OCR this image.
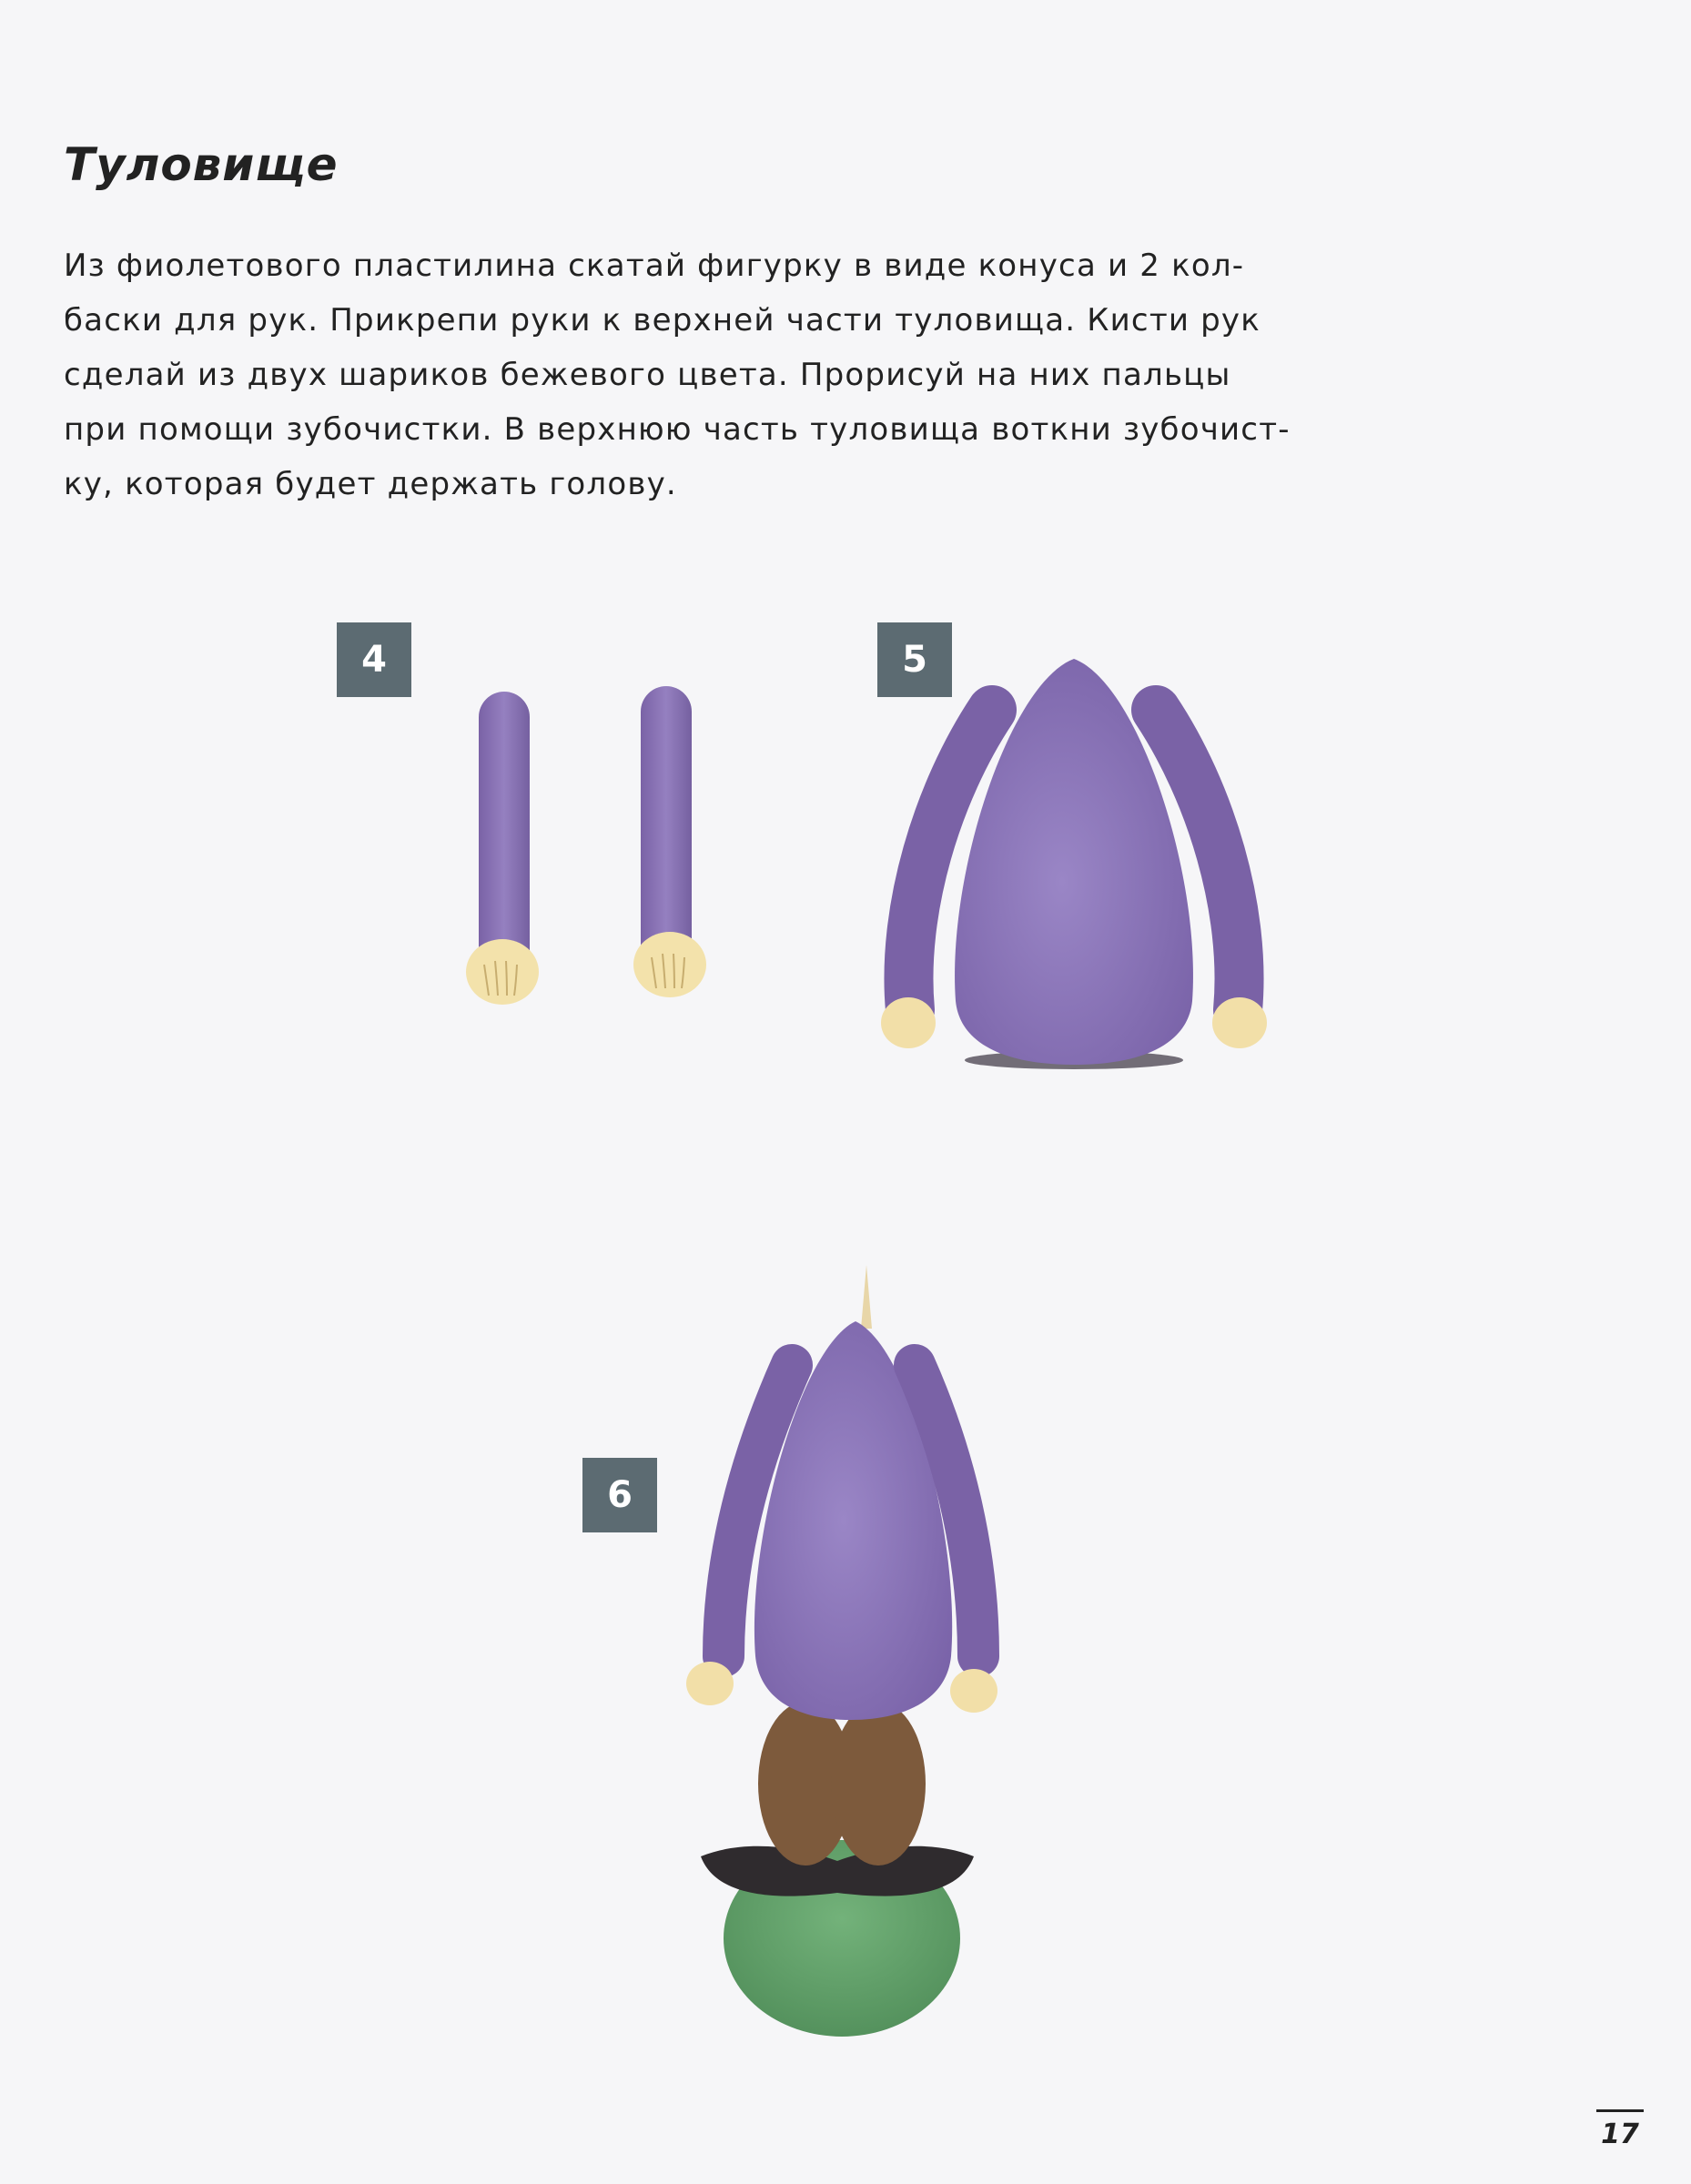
Туловище

Из фиолетового пластилина скатай фигурку в виде конуса и 2 кол-
баски для рук. Прикрепи руки к верхней части туловища. Кисти рук
сделай из двух шариков бежевого цвета. Прорисуй на них пальцы
при помощи зубочистки. В верхнюю часть туловища воткни зубочист-
ку, которая будет держать голову.

4	5
6
17
